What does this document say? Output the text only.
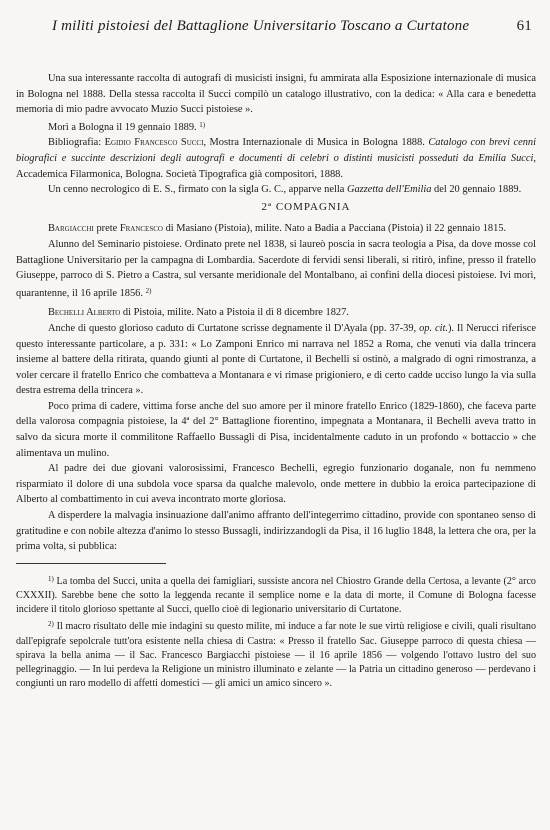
I militi pistoiesi del Battaglione Universitario Toscano a Curtatone	61

Una sua interessante raccolta di autografi di musicisti insigni, fu ammirata alla Esposizione internazionale di musica in Bologna nel 1888. Della stessa raccolta il Succi compilò un catalogo illustrativo, con la dedica: « Alla cara e benedetta memoria di mio padre avvocato Muzio Succi pistoiese ».

Morì a Bologna il 19 gennaio 1889. $^{1)}$

Bibliografia: Egidio Francesco Succi, Mostra Internazionale di Musica in Bologna 1888. Catalogo con brevi cenni biografici e succinte descrizioni degli autografi e documenti di celebri o distinti musicisti posseduti da Emilia Succi, Accademica Filarmonica, Bologna. Società Tipografica già compositori, 1888.

Un cenno necrologico di E. S., firmato con la sigla G. C., apparve nella Gazzetta dell'Emilia del 20 gennaio 1889.

2ª COMPAGNIA

Bargiacchi prete Francesco di Masiano (Pistoia), milite. Nato a Badia a Pacciana (Pistoia) il 22 gennaio 1815.

Alunno del Seminario pistoiese. Ordinato prete nel 1838, si laureò poscia in sacra teologia a Pisa, da dove mosse col Battaglione Universitario per la campagna di Lombardia. Sacerdote di fervidi sensi liberali, si ritirò, infine, presso il fratello Giuseppe, parroco di S. Pietro a Castra, sul versante meridionale del Montalbano, ai confini della diocesi pistoiese. Ivi morì, quarantenne, il 16 aprile 1856. $^{2)}$

Bechelli Alberto di Pistoia, milite. Nato a Pistoia il dì 8 dicembre 1827.

Anche di questo glorioso caduto di Curtatone scrisse degnamente il D'Ayala (pp. 37-39, op. cit.). Il Nerucci riferisce questo interessante particolare, a p. 331: « Lo Zamponi Enrico mi narrava nel 1852 a Roma, che venuti via dalla trincera insieme al battere della ritirata, quando giunti al ponte di Curtatone, il Bechelli si ostinò, a malgrado di ogni rimostranza, a voler cercare il fratello Enrico che combatteva a Montanara e vi rimase prigioniero, e di certo cadde ucciso lungo la via sulla destra estrema della trincera ».

Poco prima di cadere, vittima forse anche del suo amore per il minore fratello Enrico (1829-1860), che faceva parte della valorosa compagnia pistoiese, la 4ª del 2° Battaglione fiorentino, impegnata a Montanara, il Bechelli aveva tratto in salvo da sicura morte il commilitone Raffaello Bussagli di Pisa, incidentalmente caduto in un profondo « bottaccio » che alimentava un mulino.

Al padre dei due giovani valorosissimi, Francesco Bechelli, egregio funzionario doganale, non fu nemmeno risparmiato il dolore di una subdola voce sparsa da qualche malevolo, onde mettere in dubbio la eroica partecipazione di Alberto al combattimento in cui aveva incontrato morte gloriosa.

A disperdere la malvagia insinuazione dall'animo affranto dell'integerrimo cittadino, provide con spontaneo senso di gratitudine e con nobile altezza d'animo lo stesso Bussagli, indirizzandogli da Pisa, il 16 luglio 1848, la lettera che ora, per la prima volta, si pubblica:

$^{1)}$ La tomba del Succi, unita a quella dei famigliari, sussiste ancora nel Chiostro Grande della Certosa, a levante (2° arco CXXXII). Sarebbe bene che sotto la leggenda recante il semplice nome e la data di morte, il Comune di Bologna facesse incidere il titolo glorioso spettante al Succi, quello cioè di legionario universitario di Curtatone.

$^{2)}$ Il macro risultato delle mie indagini su questo milite, mi induce a far note le sue virtù religiose e civili, quali risultano dall'epigrafe sepolcrale tutt'ora esistente nella chiesa di Castra: « Presso il fratello Sac. Giuseppe parroco di questa chiesa — spirava la bella anima — il Sac. Francesco Bargiacchi pistoiese — il 16 aprile 1856 — volgendo l'ottavo lustro del suo pellegrinaggio. — In lui perdeva la Religione un ministro illuminato e zelante — la Patria un cittadino generoso — perdevano i congiunti un raro modello di affetti domestici — gli amici un amico sincero ».
